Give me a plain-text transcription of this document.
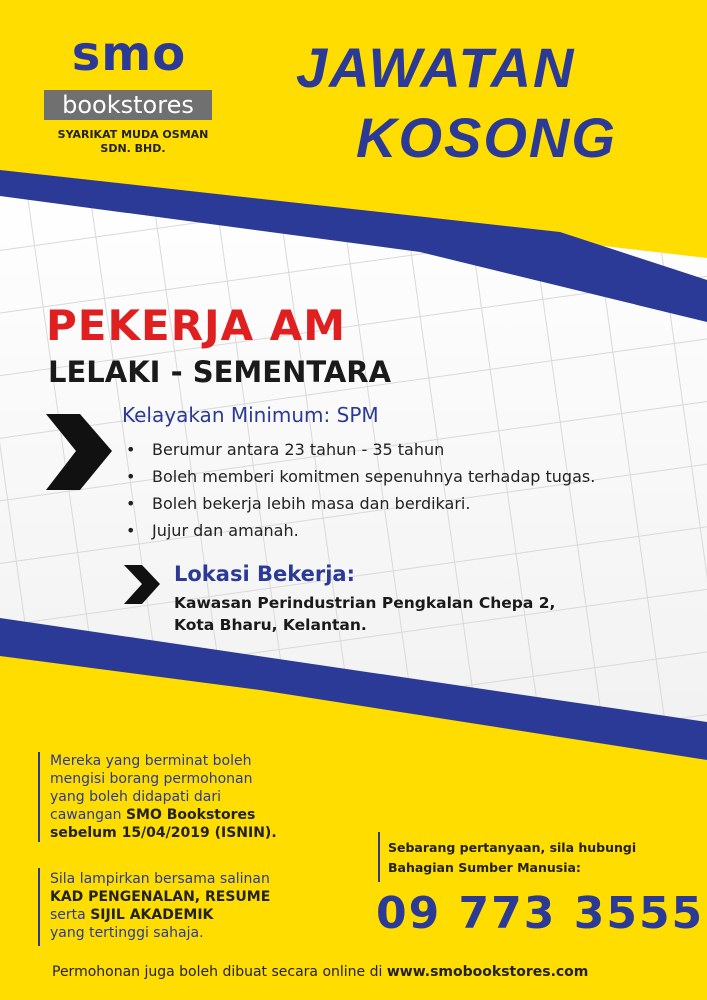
smo
bookstores
SYARIKAT MUDA OSMAN
SDN. BHD.
JAWATAN
KOSONG
PEKERJA AM
LELAKI - SEMENTARA
Kelayakan Minimum: SPM
• Berumur antara 23 tahun - 35 tahun
• Boleh memberi komitmen sepenuhnya terhadap tugas.
• Boleh bekerja lebih masa dan berdikari.
• Jujur dan amanah.
Lokasi Bekerja:
Kawasan Perindustrian Pengkalan Chepa 2,
Kota Bharu, Kelantan.
Mereka yang berminat boleh
mengisi borang permohonan
yang boleh didapati dari
cawangan SMO Bookstores
sebelum 15/04/2019 (ISNIN).
Sila lampirkan bersama salinan
KAD PENGENALAN, RESUME
serta SIJIL AKADEMIK
yang tertinggi sahaja.
Sebarang pertanyaan, sila hubungi
Bahagian Sumber Manusia:
09 773 3555
Permohonan juga boleh dibuat secara online di www.smobookstores.com
